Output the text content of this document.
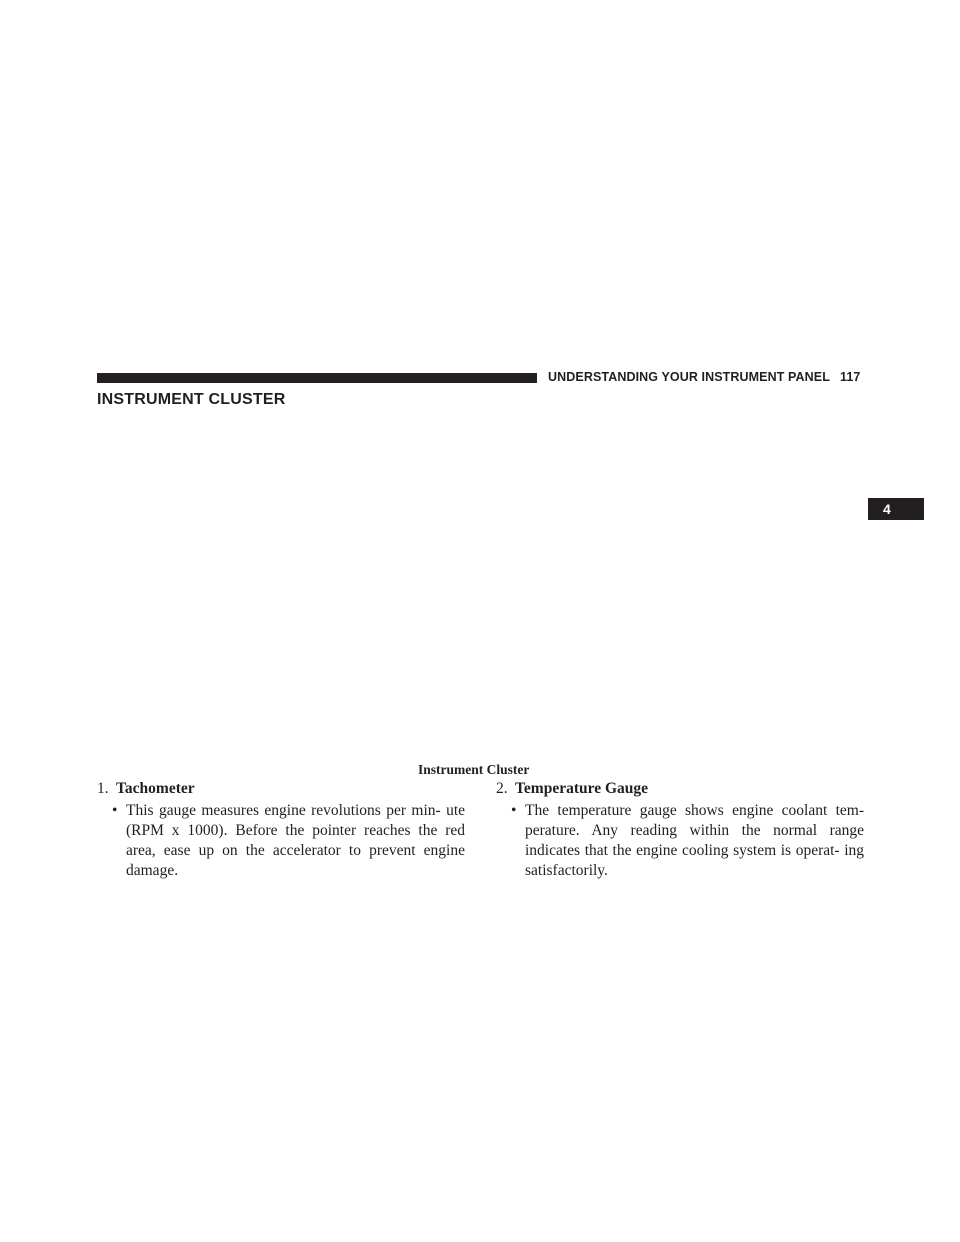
UNDERSTANDING YOUR INSTRUMENT PANEL 117
INSTRUMENT CLUSTER
4
Instrument Cluster

1. Tachometer

• This gauge measures engine revolutions per min- ute (RPM x 1000). Before the pointer reaches the red area, ease up on the accelerator to prevent engine damage.

2. Temperature Gauge

• The temperature gauge shows engine coolant tem- perature. Any reading within the normal range indicates that the engine cooling system is operat- ing satisfactorily.
